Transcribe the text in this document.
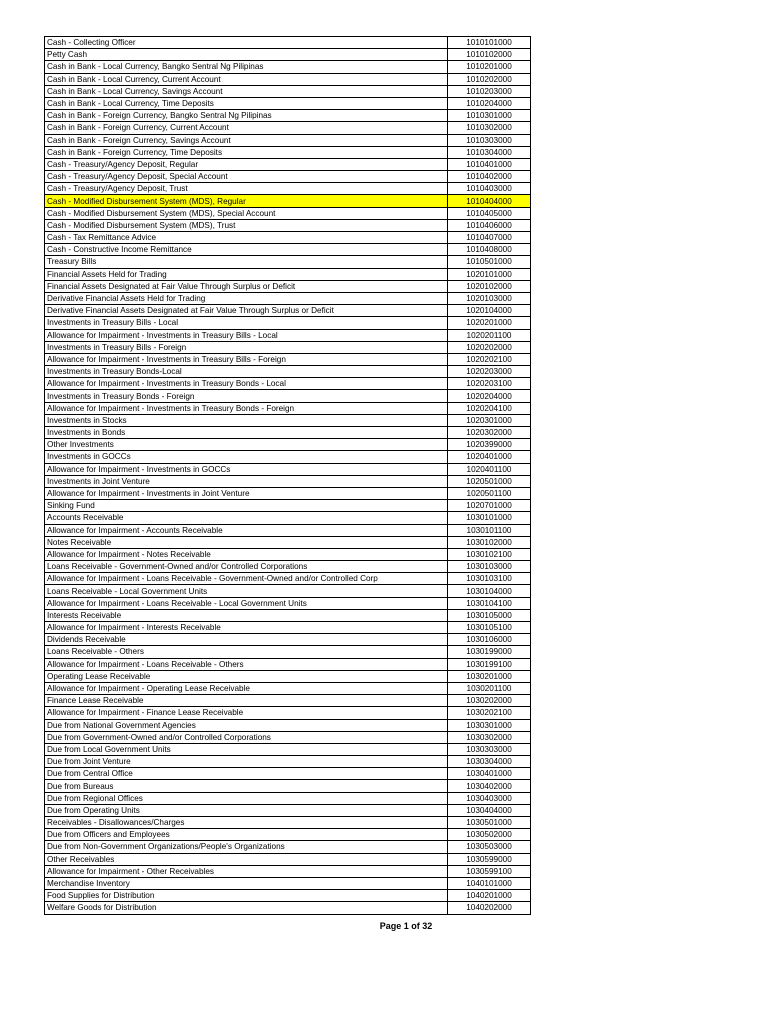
Cash - Collecting Officer	1010101000
Petty Cash	1010102000
Cash in Bank - Local Currency, Bangko Sentral Ng Pilipinas	1010201000
Cash in Bank - Local Currency, Current Account	1010202000
Cash in Bank - Local Currency, Savings Account	1010203000
Cash in Bank - Local Currency, Time Deposits	1010204000
Cash in Bank - Foreign Currency, Bangko Sentral Ng Pilipinas	1010301000
Cash in Bank - Foreign Currency, Current Account	1010302000
Cash in Bank - Foreign Currency, Savings Account	1010303000
Cash in Bank - Foreign Currency, Time Deposits	1010304000
Cash - Treasury/Agency Deposit, Regular	1010401000
Cash - Treasury/Agency Deposit, Special Account	1010402000
Cash - Treasury/Agency Deposit, Trust	1010403000
Cash - Modified Disbursement System (MDS), Regular	1010404000
Cash - Modified Disbursement System (MDS), Special Account	1010405000
Cash - Modified Disbursement System (MDS), Trust	1010406000
Cash - Tax Remittance Advice	1010407000
Cash - Constructive Income Remittance	1010408000
Treasury Bills	1010501000
Financial Assets Held for Trading	1020101000
Financial Assets Designated at Fair Value Through Surplus or Deficit	1020102000
Derivative Financial Assets Held for Trading	1020103000
Derivative Financial Assets Designated at Fair Value Through Surplus or Deficit	1020104000
Investments in Treasury Bills - Local	1020201000
Allowance for Impairment - Investments in Treasury Bills - Local	1020201100
Investments in Treasury Bills - Foreign	1020202000
Allowance for Impairment - Investments in Treasury Bills - Foreign	1020202100
Investments in Treasury Bonds-Local	1020203000
Allowance for Impairment - Investments in Treasury Bonds - Local	1020203100
Investments in Treasury Bonds - Foreign	1020204000
Allowance for Impairment - Investments in Treasury Bonds - Foreign	1020204100
Investments in Stocks	1020301000
Investments in Bonds	1020302000
Other Investments	1020399000
Investments in GOCCs	1020401000
Allowance for Impairment - Investments in GOCCs	1020401100
Investments in Joint Venture	1020501000
Allowance for Impairment - Investments in Joint Venture	1020501100
Sinking Fund	1020701000
Accounts Receivable	1030101000
Allowance for Impairment - Accounts Receivable	1030101100
Notes Receivable	1030102000
Allowance for Impairment - Notes Receivable	1030102100
Loans Receivable - Government-Owned and/or Controlled Corporations	1030103000
Allowance for Impairment - Loans Receivable - Government-Owned and/or Controlled Corp	1030103100
Loans Receivable - Local Government Units	1030104000
Allowance for Impairment - Loans Receivable - Local Government Units	1030104100
Interests Receivable	1030105000
Allowance for Impairment - Interests Receivable	1030105100
Dividends Receivable	1030106000
Loans Receivable - Others	1030199000
Allowance for Impairment - Loans Receivable - Others	1030199100
Operating Lease Receivable	1030201000
Allowance for Impairment - Operating Lease Receivable	1030201100
Finance Lease Receivable	1030202000
Allowance for Impairment - Finance Lease Receivable	1030202100
Due from National Government Agencies	1030301000
Due from Government-Owned and/or Controlled Corporations	1030302000
Due from Local Government Units	1030303000
Due from Joint Venture	1030304000
Due from Central Office	1030401000
Due from Bureaus	1030402000
Due from Regional Offices	1030403000
Due from Operating Units	1030404000
Receivables - Disallowances/Charges	1030501000
Due from Officers and Employees	1030502000
Due from Non-Government Organizations/People's Organizations	1030503000
Other Receivables	1030599000
Allowance for Impairment - Other Receivables	1030599100
Merchandise Inventory	1040101000
Food Supplies for Distribution	1040201000
Welfare Goods for Distribution	1040202000
Page 1 of 32
